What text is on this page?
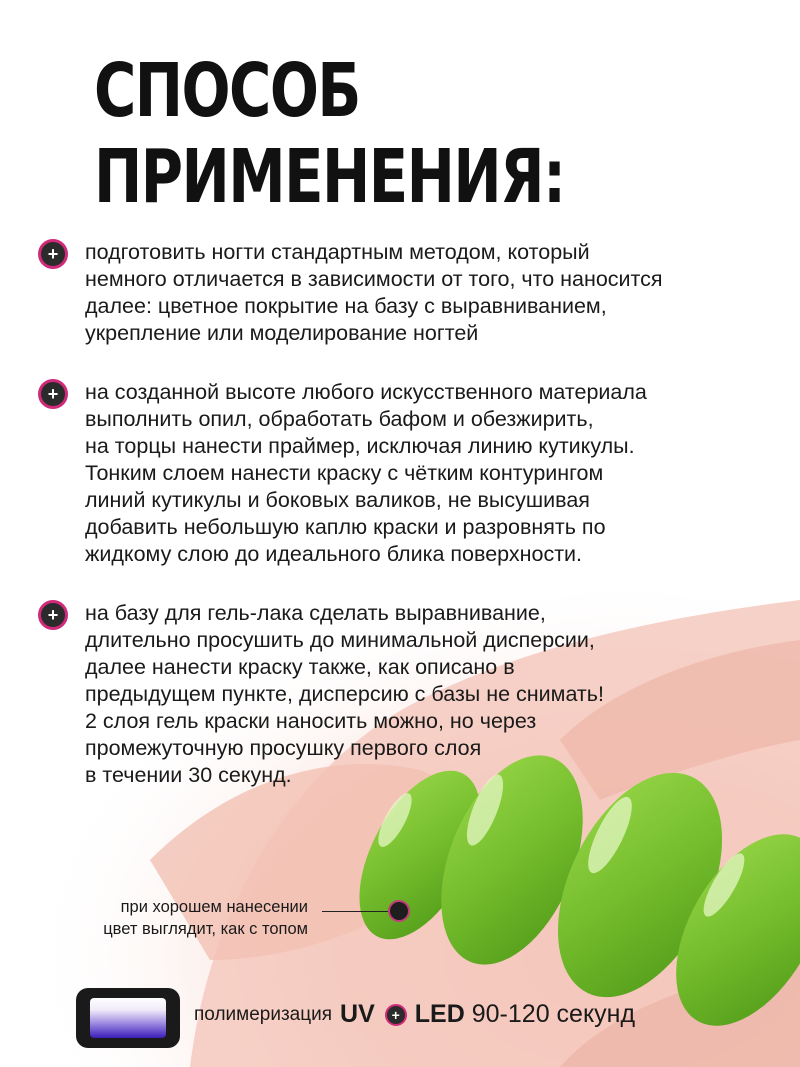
СПОСОБ
ПРИМЕНЕНИЯ:
+	подготовить ногти стандартным методом, который
немного отличается в зависимости от того, что наносится
далее: цветное покрытие на базу с выравниванием,
укрепление или моделирование ногтей
+	на созданной высоте любого искусственного материала
выполнить опил, обработать бафом и обезжирить,
на торцы нанести праймер, исключая линию кутикулы.
Тонким слоем нанести краску с чётким контурингом
линий кутикулы и боковых валиков, не высушивая
добавить небольшую каплю краски и разровнять по
жидкому слою до идеального блика поверхности.
+	на базу для гель-лака сделать выравнивание,
длительно просушить до минимальной дисперсии,
далее нанести краску также, как описано в
предыдущем пункте, дисперсию с базы не снимать!
2 слоя гель краски наносить можно, но через
промежуточную просушку первого слоя
в течении 30 секунд.
при хорошем нанесении
цвет выглядит, как с топом
полимеризация UV	+ LED 90-120 секунд
